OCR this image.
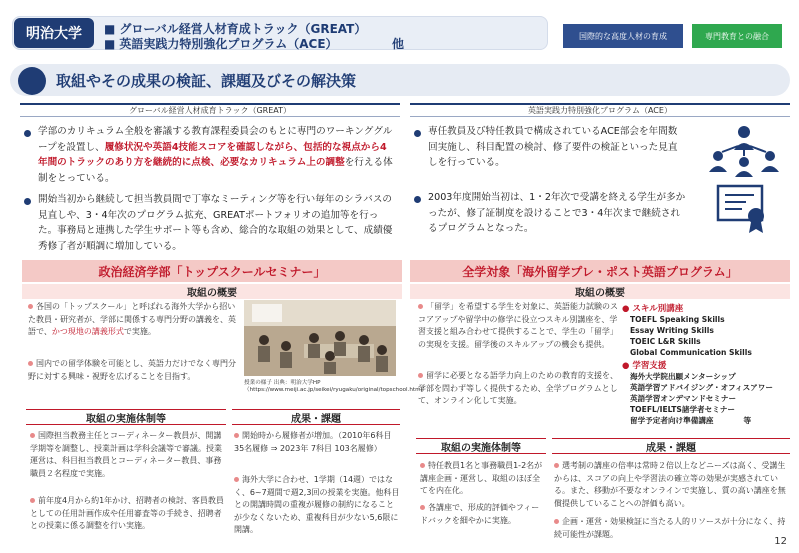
明治大学	■ グローバル経営人材育成トラック（GREAT）
■ 英語実践力特別強化プログラム（ACE）	他
国際的な高度人材の育成	専門教育との融合
取組やその成果の検証、課題及びその解決策
グローバル経営人材成育トラック（GREAT）	英語実践力特別強化プログラム（ACE）
学部のカリキュラム全般を審議する教育課程委員会のもとに専門のワーキンググループを設置し、履修状況や英語4技能スコアを確認しながら、包括的な視点から4年間のトラックのあり方を継続的に点検、必要なカリキュラム上の調整を行える体制をとっている。
開始当初から継続して担当教員間で丁寧なミーティング等を行い毎年のシラバスの見直しや、3・4年次のプログラム拡充、GREATポートフォリオの追加等を行った。事務局と連携した学生サポート等も含め、総合的な取組の効果として、成績優秀修了者が順調に増加している。
専任教員及び特任教員で構成されているACE部会を年間数回実施し、科目配置の検討、修了要件の検証といった見直しを行っている。
2003年度開始当初は、1・2年次で受講を終える学生が多かったが、修了証制度を設けることで3・4年次まで継続されるプログラムとなった。
政治経済学部「トップスクールセミナー」
取組の概要
各国の「トップスクール」と呼ばれる海外大学から招いた教員・研究者が、学部に関係する専門分野の講義を、英語で、かつ現地の講義形式で実施。
国内での留学体験を可能とし、英語力だけでなく専門分野に対する興味・視野を広げることを目指す。
授業の様子 出典：明治大学HP
（https://www.meiji.ac.jp/seikei/ryugaku/original/topschool.html）
取組の実施体制等
国際担当教務主任とコーディネーター教員が、開講学期等を調整し、授業計画は学科会議等で審議。授業運営は、科目担当教員とコーディネーター教員、事務職員２名程度で実施。
前年度4月から約1年かけ、招聘者の検討、客員教員としての任用計画作成や任用審査等の手続き、招聘者との授業に係る調整を行い実施。
成果・課題
開始時から履修者が増加。（2010年6科目 35名履修 ⇒ 2023年 7科目 103名履修）
海外大学に合わせ、1学期（14週）ではなく、6~7週間で週2,3回の授業を実施。他科目との開講時間の重複が履修の制約になることが少なくないため、重複科目が少ない5,6限に開講。
全学対象「海外留学プレ・ポスト英語プログラム」
取組の概要
「留学」を希望する学生を対象に、英語能力試験のスコアアップや留学中の修学に役立つスキル別講座を、学習支援と組み合わせて提供することで、学生の「留学」の実現を支援。留学後のスキルアップの機会も提供。
留学に必要となる語学力向上のための教育的支援を、学部を問わず等しく提供するため、全学プログラムとして、オンライン化して実施。
● スキル別講座
TOEFL Speaking Skills
Essay Writing Skills
TOEIC L&R Skills
Global Communication Skills
● 学習支援
海外大学院出願メンターシップ
英語学習アドバイジング・オフィスアワー
英語学習オンデマンドセミナー
TOEFL/IELTS諸学者セミナー
留学予定者向け準備講座	等
取組の実施体制等
特任教員1名と事務職員1-2名が講座企画・運営し、取組のほぼ全てを内在化。
各講座で、形成的評価やフィードバックを細やかに実施。
成果・課題
選考制の講座の倍率は常時２倍以上などニーズは高く、受講生からは、スコアの向上や学習法の確立等の効果が実感されている。また、移動が不要なオンラインで実施し、質の高い講座を無償提供していることへの評価も高い。
企画・運営・効果検証に当たる人的リソースが十分になく、持続可能性が課題。
12
